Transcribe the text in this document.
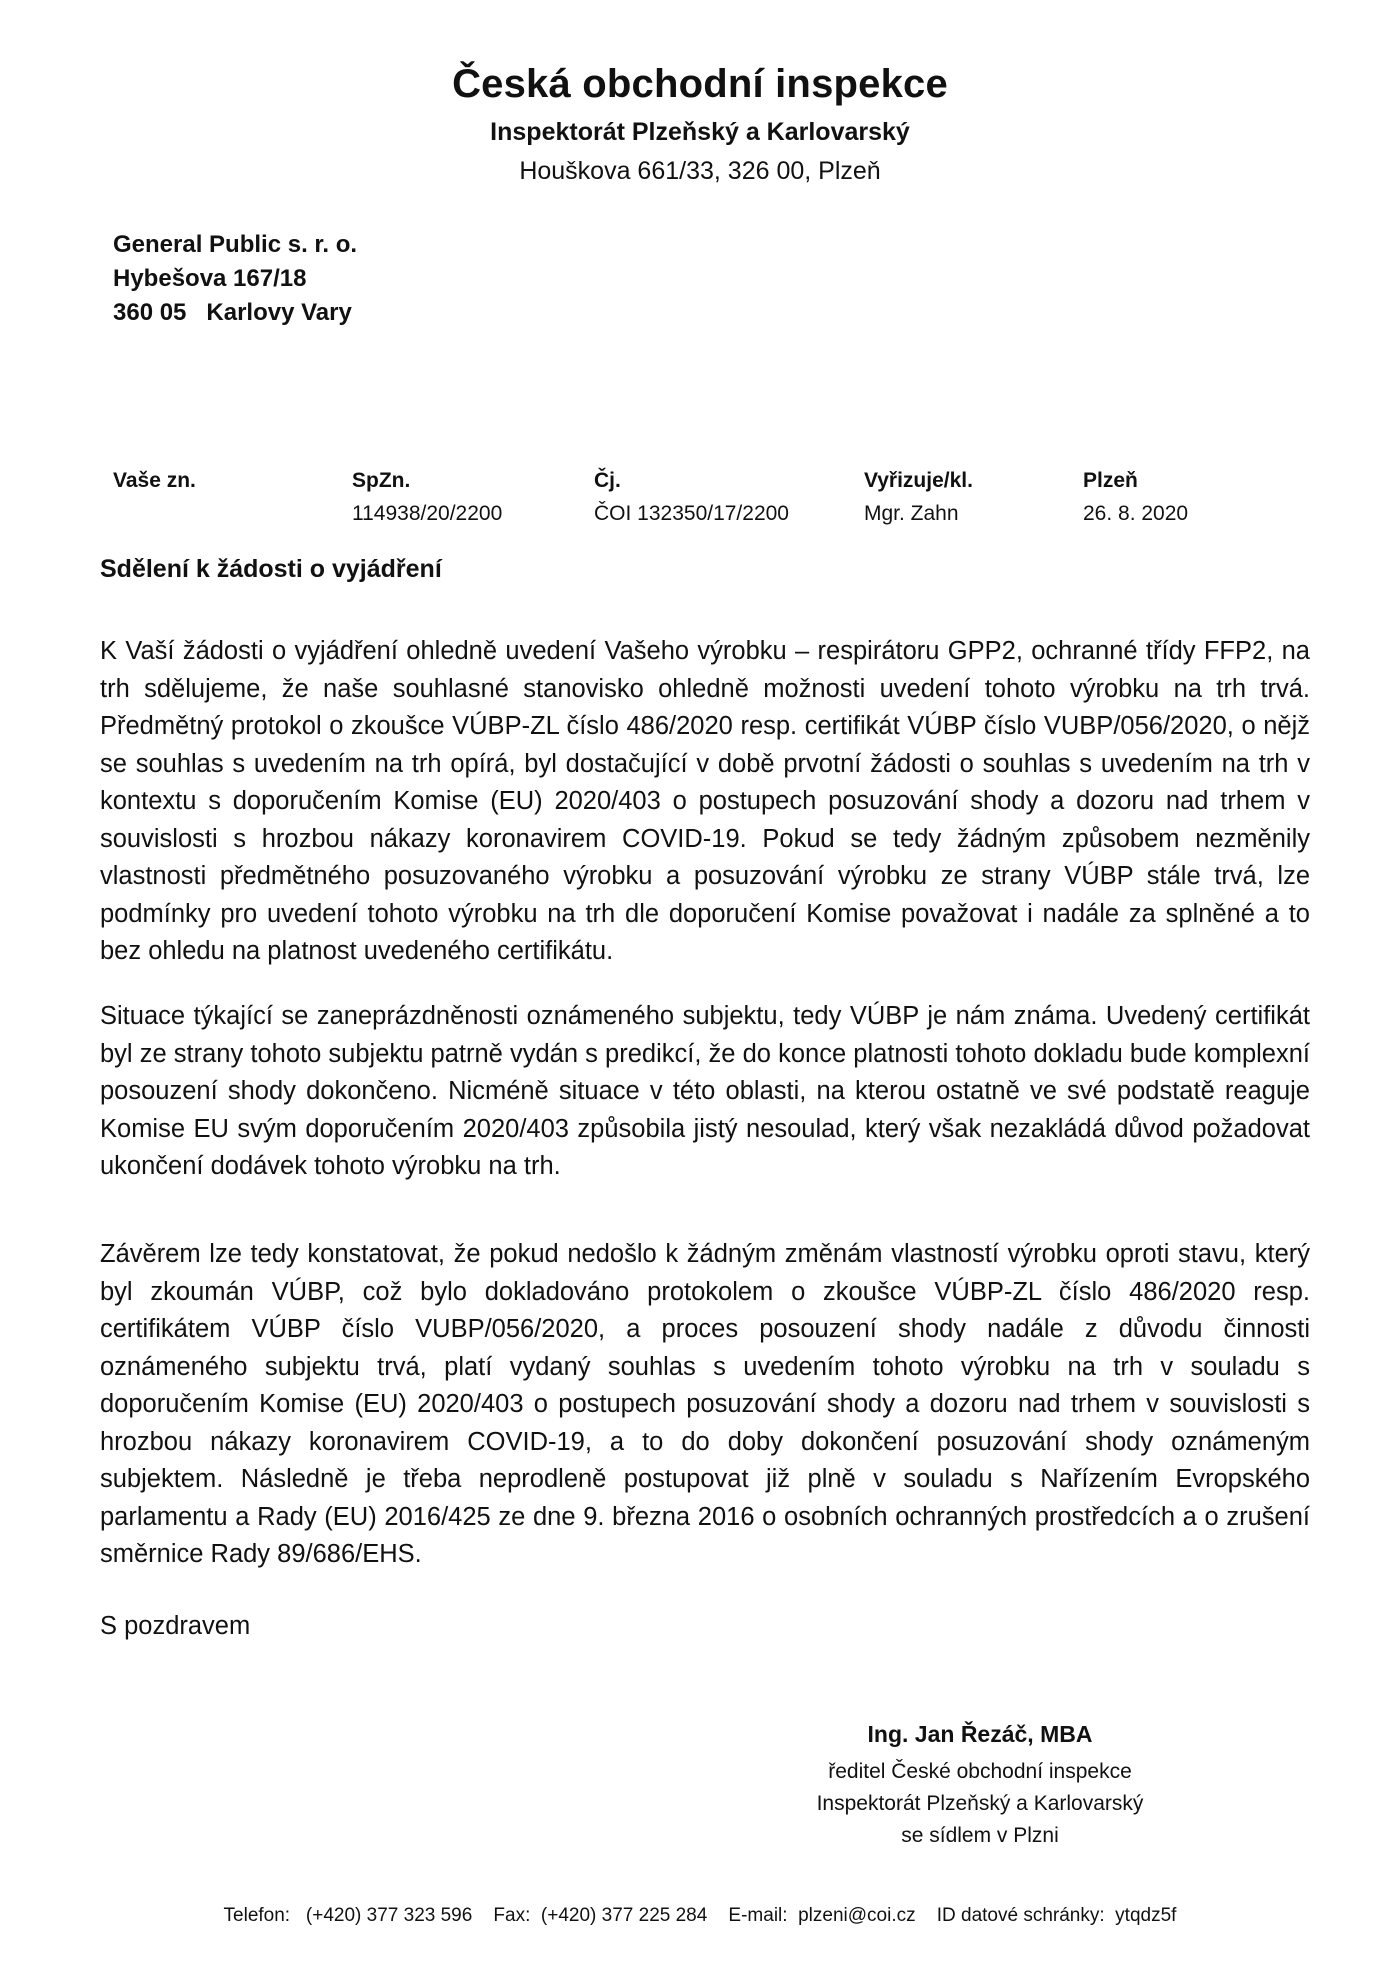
Česká obchodní inspekce
Inspektorát Plzeňský a Karlovarský
Houškova 661/33, 326 00, Plzeň
General Public s. r. o.
Hybešova 167/18
360 05   Karlovy Vary
Vaše zn.	SpZn.
114938/20/2200
Čj.
ČOI 132350/17/2200
Vyřizuje/kl.
Mgr. Zahn
Plzeň
26. 8. 2020
Sdělení k žádosti o vyjádření
K Vaší žádosti o vyjádření ohledně uvedení Vašeho výrobku – respirátoru GPP2, ochranné třídy FFP2, na trh sdělujeme, že naše souhlasné stanovisko ohledně možnosti uvedení tohoto výrobku na trh trvá. Předmětný protokol o zkoušce VÚBP-ZL číslo 486/2020 resp. certifikát VÚBP číslo VUBP/056/2020, o nějž se souhlas s uvedením na trh opírá, byl dostačující v době prvotní žádosti o souhlas s uvedením na trh v kontextu s doporučením Komise (EU) 2020/403 o postupech posuzování shody a dozoru nad trhem v souvislosti s hrozbou nákazy koronavirem COVID-19. Pokud se tedy žádným způsobem nezměnily vlastnosti předmětného posuzovaného výrobku a posuzování výrobku ze strany VÚBP stále trvá, lze podmínky pro uvedení tohoto výrobku na trh dle doporučení Komise považovat i nadále za splněné a to bez ohledu na platnost uvedeného certifikátu.
Situace týkající se zaneprázdněnosti oznámeného subjektu, tedy VÚBP je nám známa. Uvedený certifikát byl ze strany tohoto subjektu patrně vydán s predikcí, že do konce platnosti tohoto dokladu bude komplexní posouzení shody dokončeno. Nicméně situace v této oblasti, na kterou ostatně ve své podstatě reaguje Komise EU svým doporučením 2020/403 způsobila jistý nesoulad, který však nezakládá důvod požadovat ukončení dodávek tohoto výrobku na trh.
Závěrem lze tedy konstatovat, že pokud nedošlo k žádným změnám vlastností výrobku oproti stavu, který byl zkoumán VÚBP, což bylo dokladováno protokolem o zkoušce VÚBP-ZL číslo 486/2020 resp. certifikátem VÚBP číslo VUBP/056/2020, a proces posouzení shody nadále z důvodu činnosti oznámeného subjektu trvá, platí vydaný souhlas s uvedením tohoto výrobku na trh v souladu s doporučením Komise (EU) 2020/403 o postupech posuzování shody a dozoru nad trhem v souvislosti s hrozbou nákazy koronavirem COVID-19, a to do doby dokončení posuzování shody oznámeným subjektem. Následně je třeba neprodleně postupovat již plně v souladu s Nařízením Evropského parlamentu a Rady (EU) 2016/425 ze dne 9. března 2016 o osobních ochranných prostředcích a o zrušení směrnice Rady 89/686/EHS.
S pozdravem
Ing. Jan Řezáč, MBA
ředitel České obchodní inspekce
Inspektorát Plzeňský a Karlovarský
se sídlem v Plzni
Telefon:   (+420) 377 323 596    Fax:  (+420) 377 225 284    E-mail:  plzeni@coi.cz    ID datové schránky:  ytqdz5f
